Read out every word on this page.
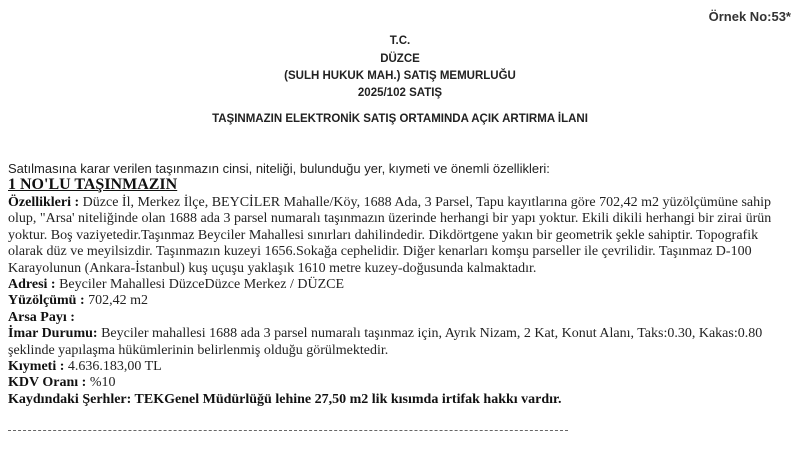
Örnek No:53*
T.C.
DÜZCE
(SULH HUKUK MAH.) SATIŞ MEMURLUĞU
2025/102 SATIŞ
TAŞINMAZIN ELEKTRONİK SATIŞ ORTAMINDA AÇIK ARTIRMA İLANI
Satılmasına karar verilen taşınmazın cinsi, niteliği, bulunduğu yer, kıymeti ve önemli özellikleri:
1 NO'LU TAŞINMAZIN

Özellikleri : Düzce İl, Merkez İlçe, BEYCİLER Mahalle/Köy, 1688 Ada, 3 Parsel, Tapu kayıtlarına göre 702,42 m2 yüzölçümüne sahip olup, "Arsa' niteliğinde olan 1688 ada 3 parsel numaralı taşınmazın üzerinde herhangi bir yapı yoktur. Ekili dikili herhangi bir zirai ürün yoktur. Boş vaziyetedir.Taşınmaz Beyciler Mahallesi sınırları dahilindedir. Dikdörtgene yakın bir geometrik şekle sahiptir. Topografik olarak düz ve meyilsizdir. Taşınmazın kuzeyi 1656.Sokağa cephelidir. Diğer kenarları komşu parseller ile çevrilidir. Taşınmaz D-100 Karayolunun (Ankara-İstanbul) kuş uçuşu yaklaşık 1610 metre kuzey-doğusunda kalmaktadır.

Adresi : Beyciler Mahallesi DüzceDüzce Merkez / DÜZCE

Yüzölçümü : 702,42 m2

Arsa Payı :

İmar Durumu: Beyciler mahallesi 1688 ada 3 parsel numaralı taşınmaz için, Ayrık Nizam, 2 Kat, Konut Alanı, Taks:0.30, Kakas:0.80 şeklinde yapılaşma hükümlerinin belirlenmiş olduğu görülmektedir.

Kıymeti : 4.636.183,00 TL

KDV Oranı : %10

Kaydındaki Şerhler: TEKGenel Müdürlüğü lehine 27,50 m2 lik kısımda irtifak hakkı vardır.
